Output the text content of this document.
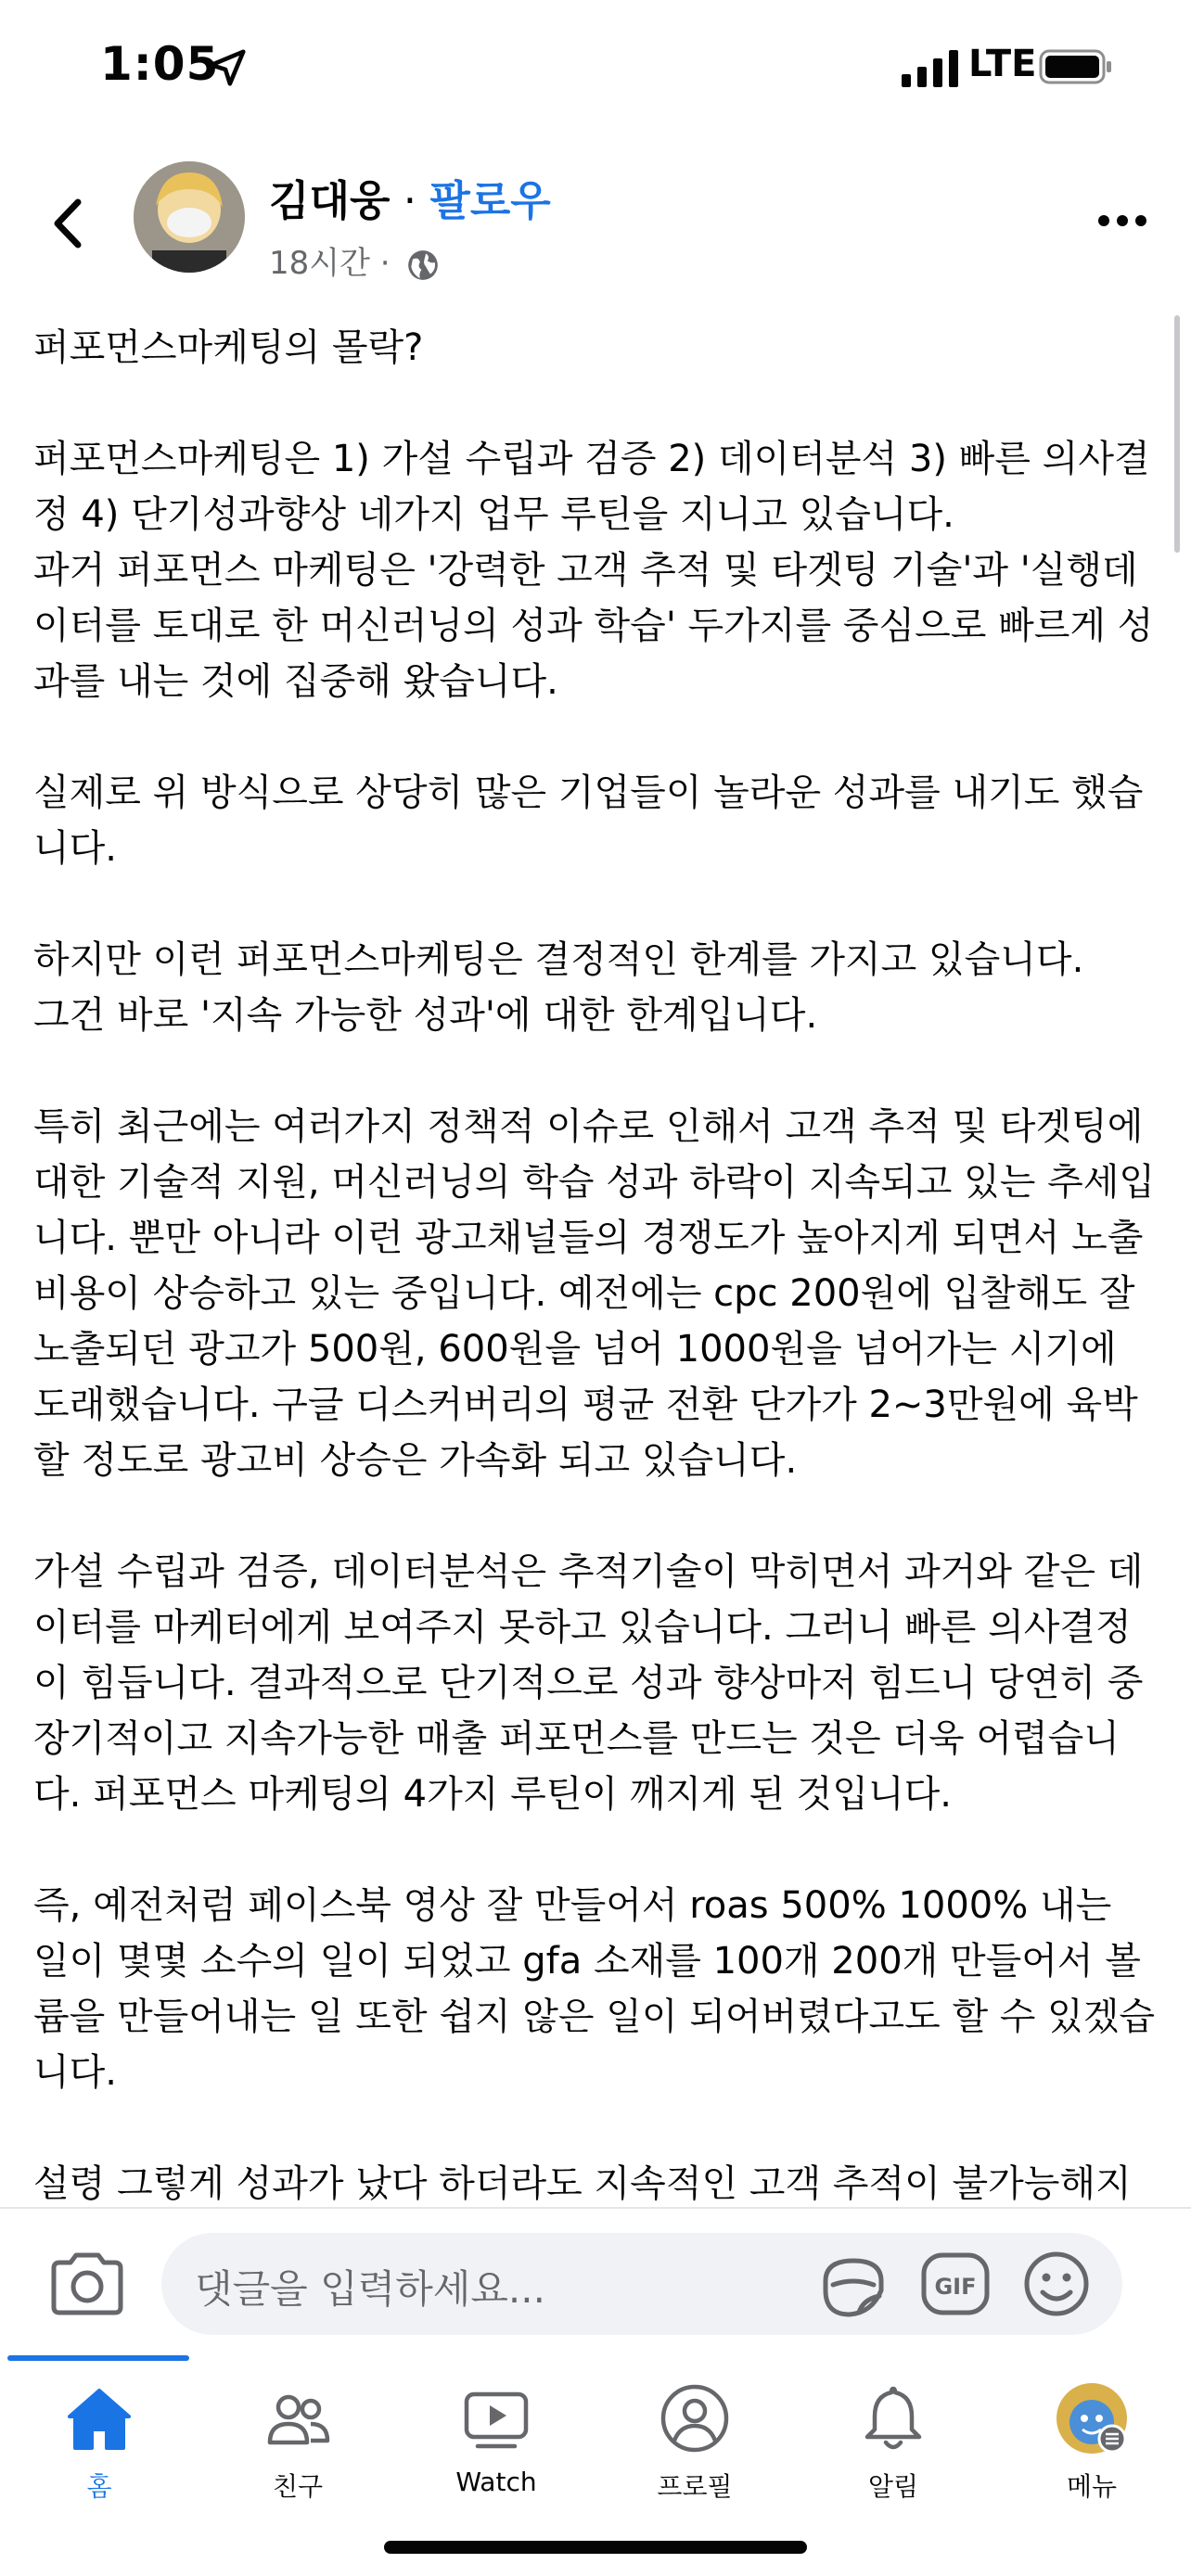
1:05	LTE
김대웅 · 팔로우
18시간 ·

퍼포먼스마케팅의 몰락?

퍼포먼스마케팅은 1) 가설 수립과 검증 2) 데이터분석 3) 빠른 의사결
정 4) 단기성과향상 네가지 업무 루틴을 지니고 있습니다.
과거 퍼포먼스 마케팅은 '강력한 고객 추적 및 타겟팅 기술'과 '실행데
이터를 토대로 한 머신러닝의 성과 학습' 두가지를 중심으로 빠르게 성
과를 내는 것에 집중해 왔습니다.

실제로 위 방식으로 상당히 많은 기업들이 놀라운 성과를 내기도 했습
니다.

하지만 이런 퍼포먼스마케팅은 결정적인 한계를 가지고 있습니다.
그건 바로 '지속 가능한 성과'에 대한 한계입니다.

특히 최근에는 여러가지 정책적 이슈로 인해서 고객 추적 및 타겟팅에
대한 기술적 지원, 머신러닝의 학습 성과 하락이 지속되고 있는 추세입
니다. 뿐만 아니라 이런 광고채널들의 경쟁도가 높아지게 되면서 노출
비용이 상승하고 있는 중입니다. 예전에는 cpc 200원에 입찰해도 잘
노출되던 광고가 500원, 600원을 넘어 1000원을 넘어가는 시기에
도래했습니다. 구글 디스커버리의 평균 전환 단가가 2~3만원에 육박
할 정도로 광고비 상승은 가속화 되고 있습니다.

가설 수립과 검증, 데이터분석은 추적기술이 막히면서 과거와 같은 데
이터를 마케터에게 보여주지 못하고 있습니다. 그러니 빠른 의사결정
이 힘듭니다. 결과적으로 단기적으로 성과 향상마저 힘드니 당연히 중
장기적이고 지속가능한 매출 퍼포먼스를 만드는 것은 더욱 어렵습니
다. 퍼포먼스 마케팅의 4가지 루틴이 깨지게 된 것입니다.

즉, 예전처럼 페이스북 영상 잘 만들어서 roas 500% 1000% 내는
일이 몇몇 소수의 일이 되었고 gfa 소재를 100개 200개 만들어서 볼
륨을 만들어내는 일 또한 쉽지 않은 일이 되어버렸다고도 할 수 있겠습
니다.

설령 그렇게 성과가 났다 하더라도 지속적인 고객 추적이 불가능해지

댓글을 입력하세요...	GIF
홈	친구	Watch	프로필	알림	메뉴
